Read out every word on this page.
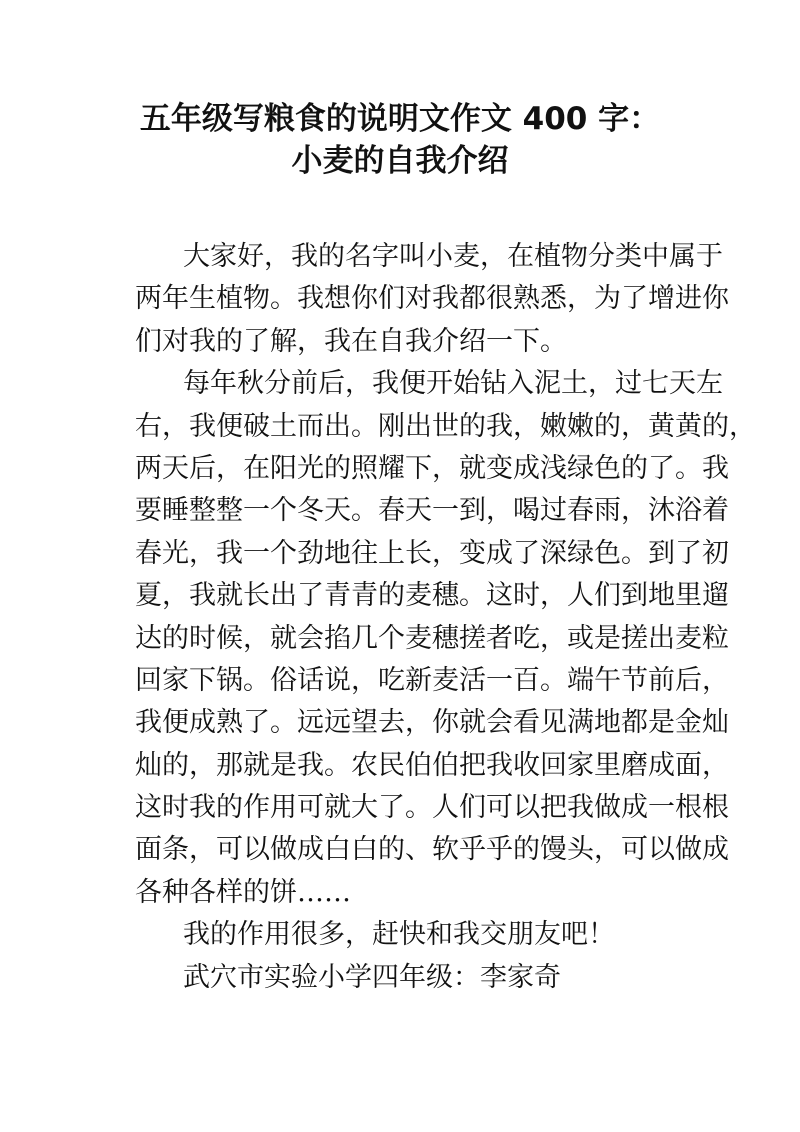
五年级写粮食的说明文作文 400 字：
小麦的自我介绍
大家好，我的名字叫小麦，在植物分类中属于
两年生植物。我想你们对我都很熟悉，为了增进你
们对我的了解，我在自我介绍一下。
每年秋分前后，我便开始钻入泥土，过七天左
右，我便破土而出。刚出世的我，嫩嫩的，黄黄的，
两天后，在阳光的照耀下，就变成浅绿色的了。我
要睡整整一个冬天。春天一到，喝过春雨，沐浴着
春光，我一个劲地往上长，变成了深绿色。到了初
夏，我就长出了青青的麦穗。这时，人们到地里遛
达的时候，就会掐几个麦穗搓者吃，或是搓出麦粒
回家下锅。俗话说，吃新麦活一百。端午节前后，
我便成熟了。远远望去，你就会看见满地都是金灿
灿的，那就是我。农民伯伯把我收回家里磨成面，
这时我的作用可就大了。人们可以把我做成一根根
面条，可以做成白白的、软乎乎的馒头，可以做成
各种各样的饼……
我的作用很多，赶快和我交朋友吧！
武穴市实验小学四年级：李家奇
